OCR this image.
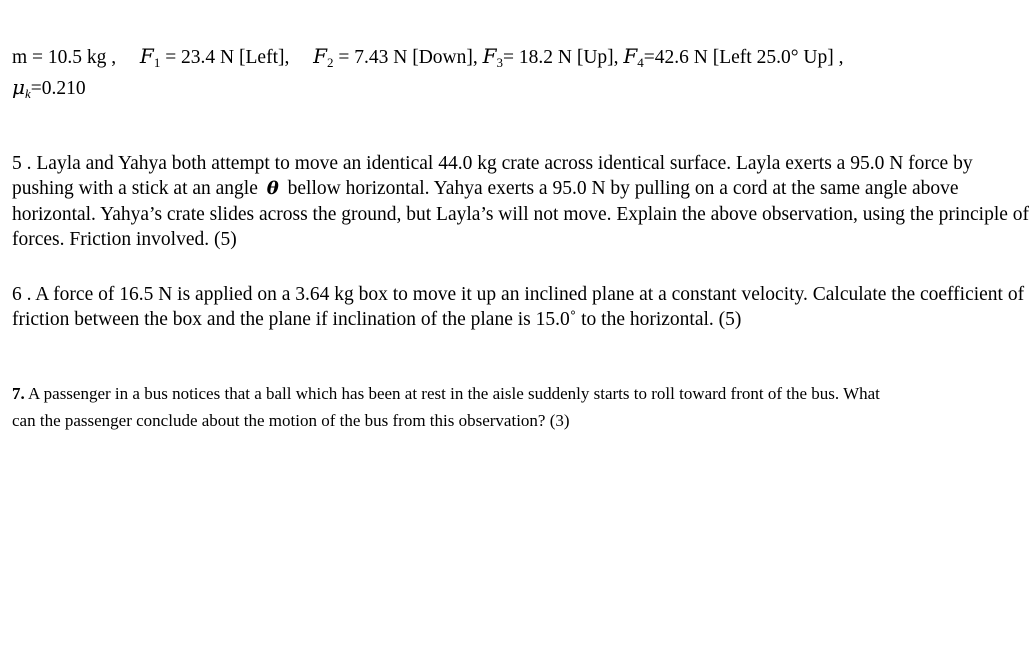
m = 10.5 kg , $F_1 = 23.4$ N [Left], $F_2 = 7.43$ N [Down], $F_3= 18.2$ N [Up], $F_4=42.6$ N [Left 25.0° Up] ,
$\mu_k=0.210$
5 . Layla and Yahya both attempt to move an identical 44.0 kg crate across identical surface. Layla exerts a 95.0 N force by pushing with a stick at an angle θ bellow horizontal. Yahya exerts a 95.0 N by pulling on a cord at the same angle above horizontal. Yahya’s crate slides across the ground, but Layla’s will not move. Explain the above observation, using the principle of forces. Friction involved. (5)
6 . A force of 16.5 N is applied on a 3.64 kg box to move it up an inclined plane at a constant velocity. Calculate the coefficient of friction between the box and the plane if inclination of the plane is 15.0˚ to the horizontal. (5)
7. A passenger in a bus notices that a ball which has been at rest in the aisle suddenly starts to roll toward front of the bus. What
can the passenger conclude about the motion of the bus from this observation? (3)
